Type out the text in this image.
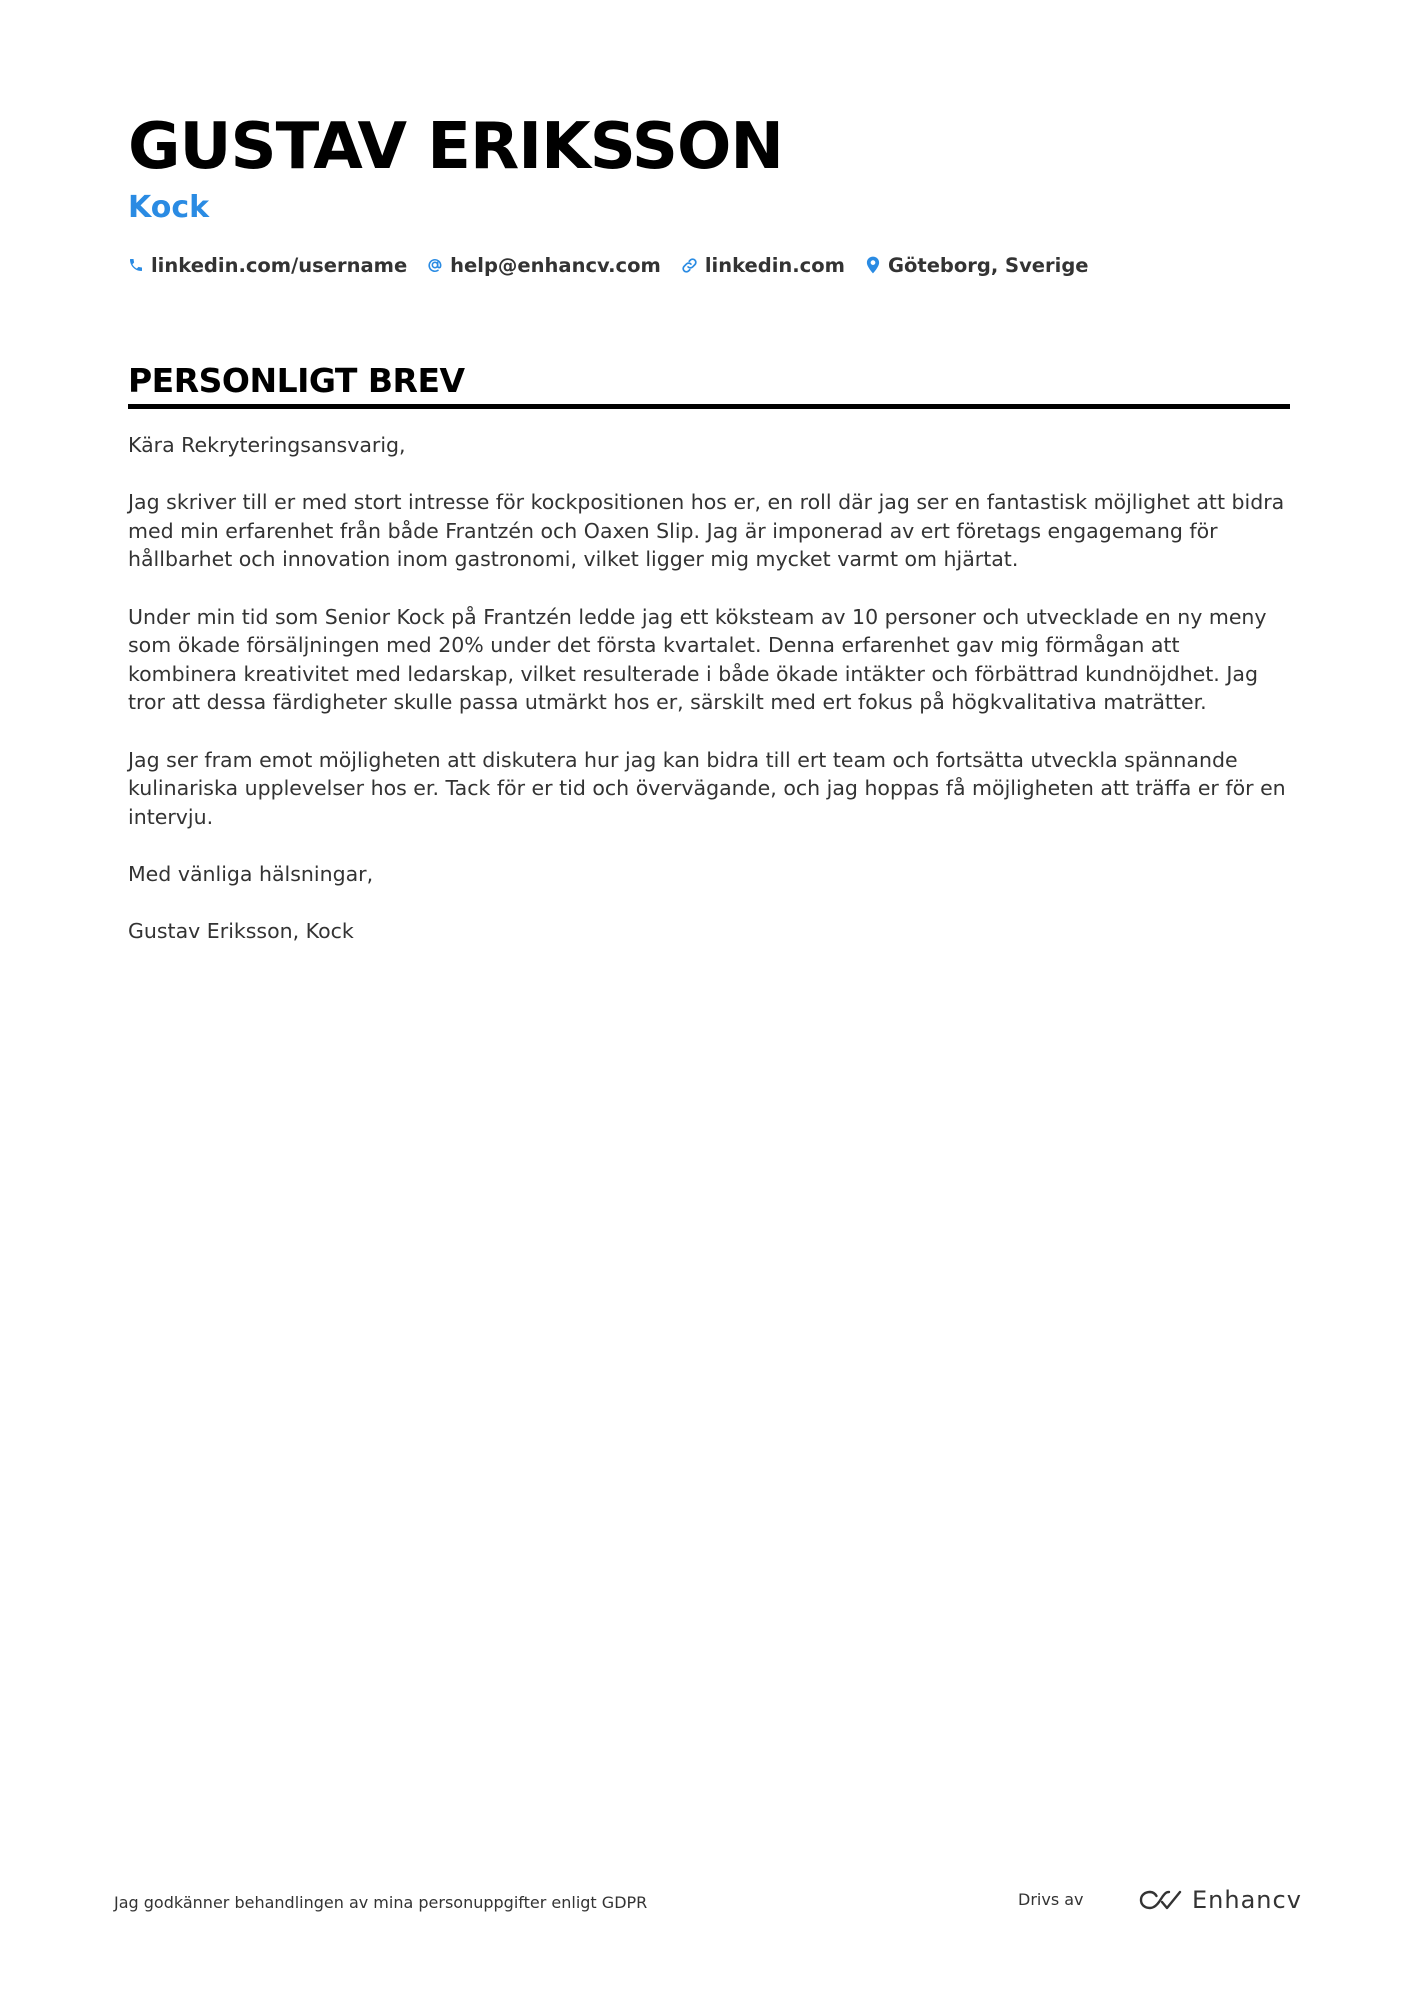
GUSTAV ERIKSSON
Kock
linkedin.com/username help@enhancv.com linkedin.com Göteborg, Sverige
PERSONLIGT BREV

Kära Rekryteringsansvarig,

Jag skriver till er med stort intresse för kockpositionen hos er, en roll där jag ser en fantastisk möjlighet att bidra med min erfarenhet från både Frantzén och Oaxen Slip. Jag är imponerad av ert företags engagemang för hållbarhet och innovation inom gastronomi, vilket ligger mig mycket varmt om hjärtat.

Under min tid som Senior Kock på Frantzén ledde jag ett köksteam av 10 personer och utvecklade en ny meny som ökade försäljningen med 20% under det första kvartalet. Denna erfarenhet gav mig förmågan att kombinera kreativitet med ledarskap, vilket resulterade i både ökade intäkter och förbättrad kundnöjdhet. Jag tror att dessa färdigheter skulle passa utmärkt hos er, särskilt med ert fokus på högkvalitativa maträtter.

Jag ser fram emot möjligheten att diskutera hur jag kan bidra till ert team och fortsätta utveckla spännande kulinariska upplevelser hos er. Tack för er tid och övervägande, och jag hoppas få möjligheten att träffa er för en intervju.

Med vänliga hälsningar,

Gustav Eriksson, Kock

Jag godkänner behandlingen av mina personuppgifter enligt GDPR	Drivs av	Enhancv
